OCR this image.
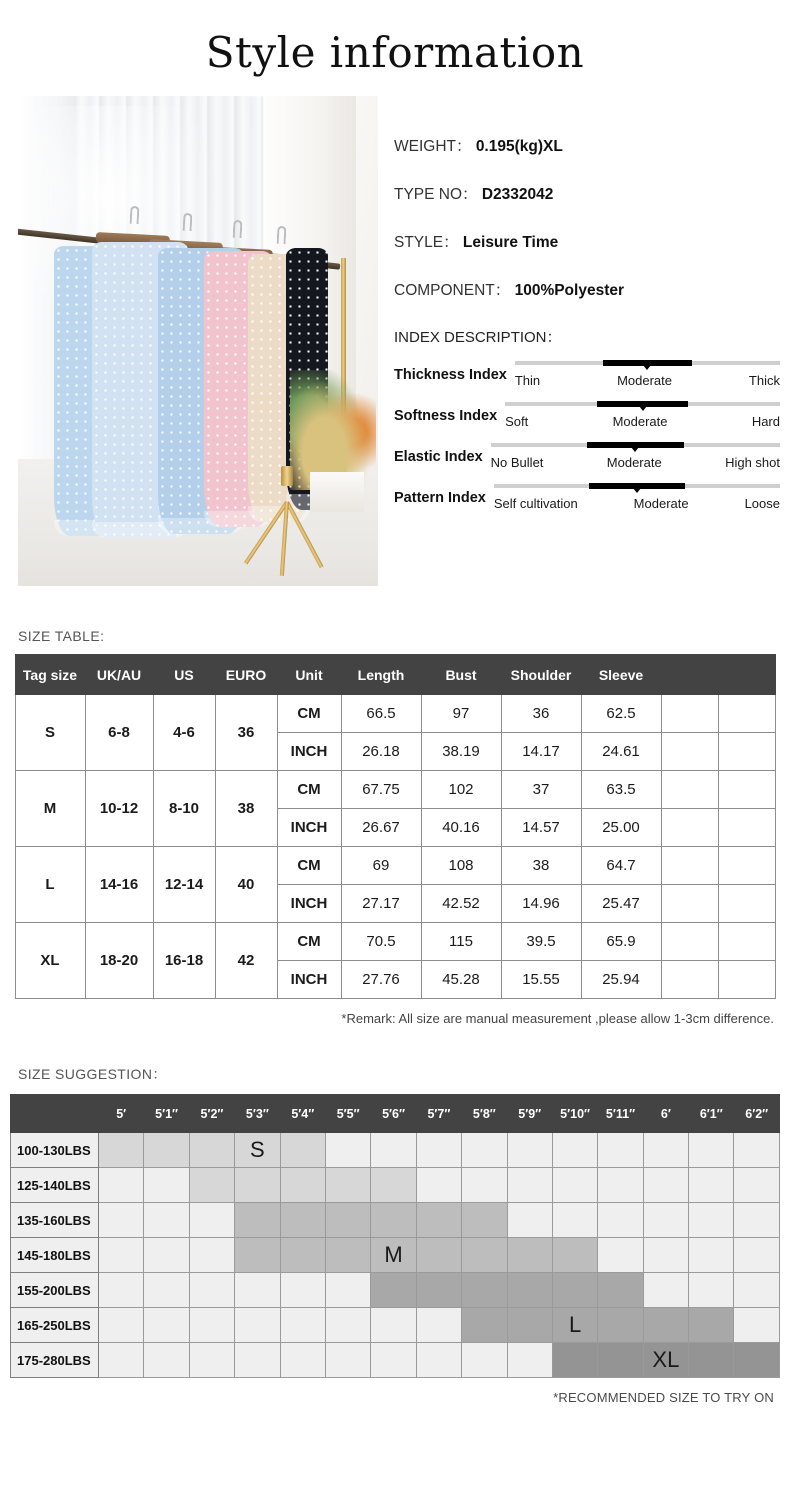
Style information
WEIGHT： 0.195(kg)XL
TYPE NO： D2332042
STYLE： Leisure Time
COMPONENT： 100%Polyester
INDEX DESCRIPTION：
Thickness Index Thin	Moderate	Thick
Softness Index Soft	Moderate	Hard
Elastic Index No Bullet	Moderate	High shot
Pattern Index Self cultivation	Moderate	Loose
SIZE TABLE:
Tag size	UK/AU	US	EURO	Unit	Length	Bust	Shoulder	Sleeve		
S	6-8	4-6	36	CM	66.5	97	36	62.5		
				INCH	26.18	38.19	14.17	24.61		
M	10-12	8-10	38	CM	67.75	102	37	63.5		
				INCH	26.67	40.16	14.57	25.00		
L	14-16	12-14	40	CM	69	108	38	64.7		
				INCH	27.17	42.52	14.96	25.47		
XL	18-20	16-18	42	CM	70.5	115	39.5	65.9		
				INCH	27.76	45.28	15.55	25.94		
*Remark: All size are manual measurement ,please allow 1-3cm difference.
SIZE SUGGESTION：
	5′	5′1″	5′2″	5′3″	5′4″	5′5″	5′6″	5′7″	5′8″	5′9″	5′10″	5′11″	6′	6′1″	6′2″
100-130LBS				S											

125-140LBS															
135-160LBS															
145-180LBS							M								

155-200LBS															
165-250LBS											L				

175-280LBS													XL		

*RECOMMENDED SIZE TO TRY ON
